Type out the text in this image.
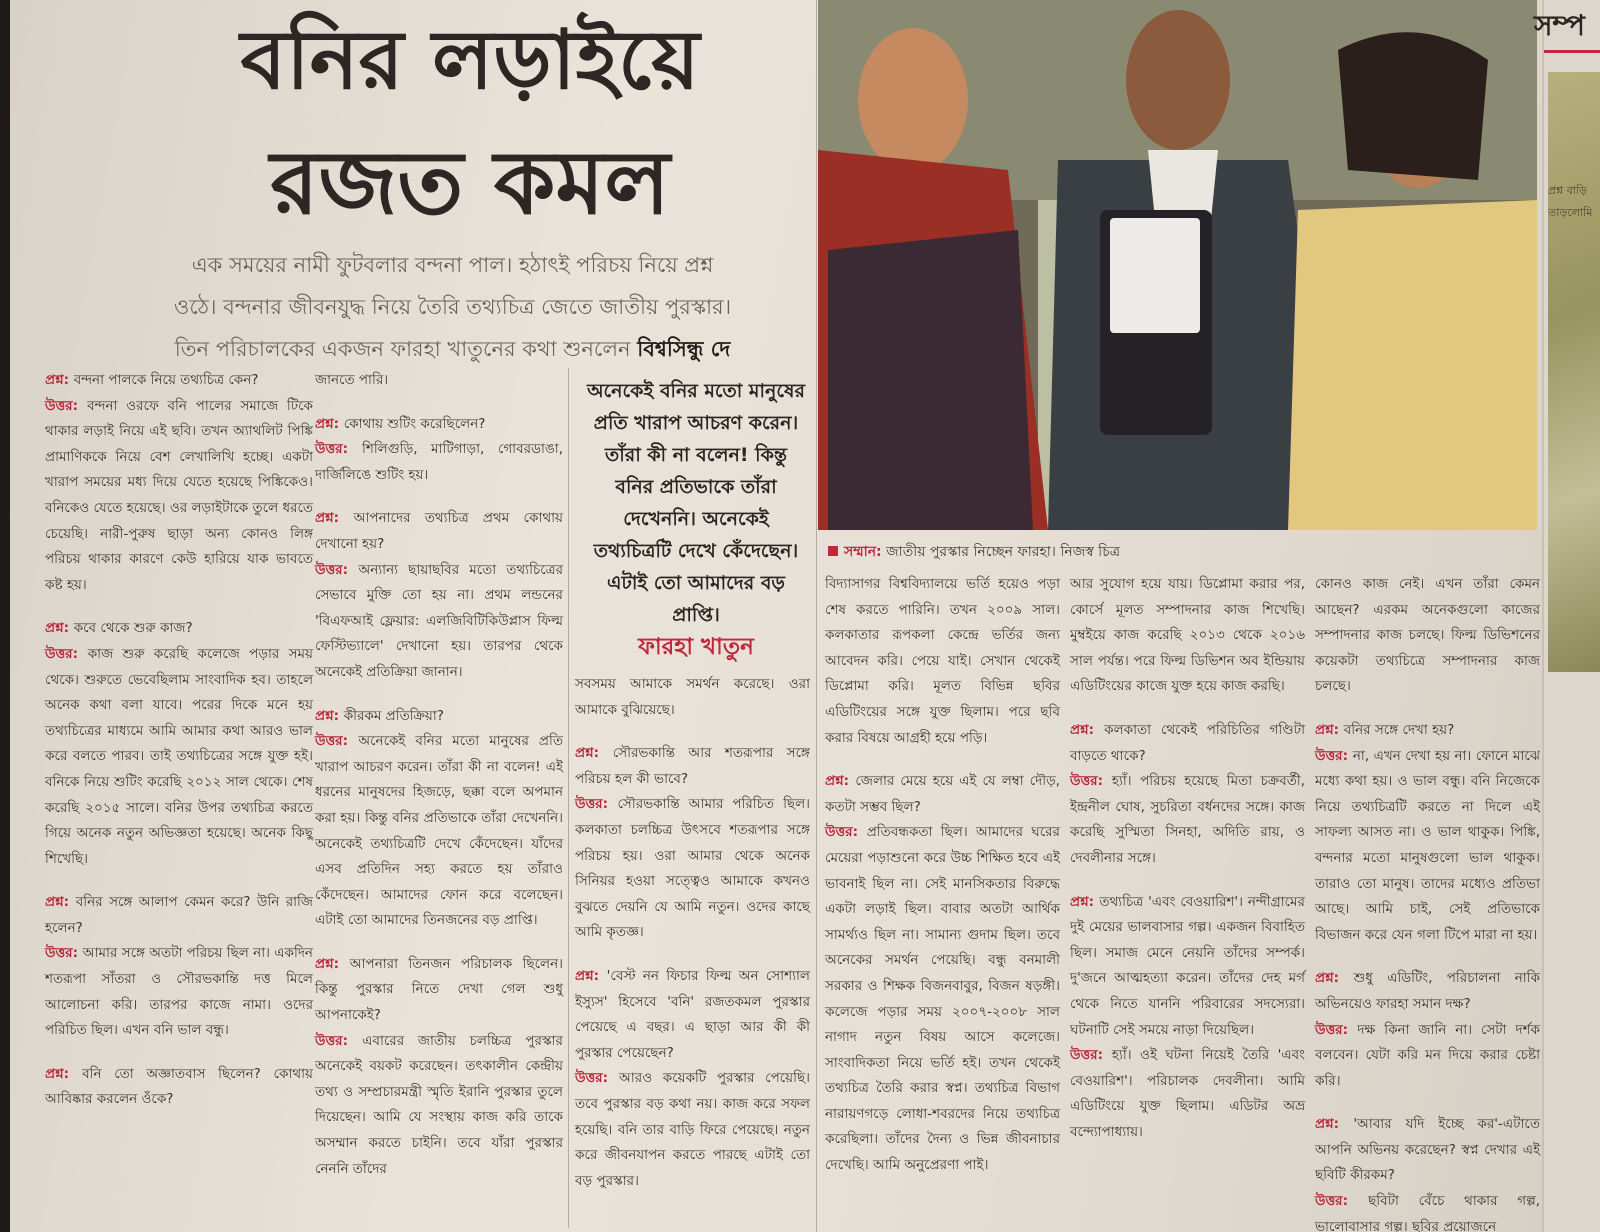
বনির লড়াইয়ে
রজত কমল
এক সময়ের নামী ফুটবলার বন্দনা পাল। হঠাৎই পরিচয় নিয়ে প্রশ্ন
ওঠে। বন্দনার জীবনযুদ্ধ নিয়ে তৈরি তথ্যচিত্র জেতে জাতীয় পুরস্কার।
তিন পরিচালকের একজন ফারহা খাতুনের কথা শুনলেন বিশ্বসিন্ধু দে

প্রশ্ন: বন্দনা পালকে নিয়ে তথ্যচিত্র কেন?
উত্তর: বন্দনা ওরফে বনি পালের সমাজে টিকে থাকার লড়াই নিয়ে এই ছবি। তখন অ্যাথলিট পিঙ্কি প্রামাণিককে নিয়ে বেশ লেখালিখি হচ্ছে। একটা খারাপ সময়ের মধ্য দিয়ে যেতে হয়েছে পিঙ্কিকেও। বনিকেও যেতে হয়েছে। ওর লড়াইটাকে তুলে ধরতে চেয়েছি। নারী-পুরুষ ছাড়া অন্য কোনও লিঙ্গ পরিচয় থাকার কারণে কেউ হারিয়ে যাক ভাবতে কষ্ট হয়।

প্রশ্ন: কবে থেকে শুরু কাজ?
উত্তর: কাজ শুরু করেছি কলেজে পড়ার সময় থেকে। শুরুতে ভেবেছিলাম সাংবাদিক হব। তাহলে অনেক কথা বলা যাবে। পরের দিকে মনে হয় তথ্যচিত্রের মাধ্যমে আমি আমার কথা আরও ভাল করে বলতে পারব। তাই তথ্যচিত্রের সঙ্গে যুক্ত হই। বনিকে নিয়ে শুটিং করেছি ২০১২ সাল থেকে। শেষ করেছি ২০১৫ সালে। বনির উপর তথ্যচিত্র করতে গিয়ে অনেক নতুন অভিজ্ঞতা হয়েছে। অনেক কিছু শিখেছি।

প্রশ্ন: বনির সঙ্গে আলাপ কেমন করে? উনি রাজি হলেন?
উত্তর: আমার সঙ্গে অতটা পরিচয় ছিল না। একদিন শতরূপা সাঁতরা ও সৌরভকান্তি দত্ত মিলে আলোচনা করি। তারপর কাজে নামা। ওদের পরিচিত ছিল। এখন বনি ভাল বন্ধু।

প্রশ্ন: বনি তো অজ্ঞাতবাস ছিলেন? কোথায় আবিষ্কার করলেন ওঁকে?

জানতে পারি।

প্রশ্ন: কোথায় শুটিং করেছিলেন?
উত্তর: শিলিগুড়ি, মাটিগাড়া, গোবরডাঙা, দার্জিলিঙে শুটিং হয়।

প্রশ্ন: আপনাদের তথ্যচিত্র প্রথম কোথায় দেখানো হয়?
উত্তর: অন্যান্য ছায়াছবির মতো তথ্যচিত্রের সেভাবে মুক্তি তো হয় না। প্রথম লন্ডনের 'বিএফআই ফ্লেয়ার: এলজিবিটিকিউপ্লাস ফিল্ম ফেস্টিভ্যালে' দেখানো হয়। তারপর থেকে অনেকেই প্রতিক্রিয়া জানান।

প্রশ্ন: কীরকম প্রতিক্রিয়া?
উত্তর: অনেকেই বনির মতো মানুষের প্রতি খারাপ আচরণ করেন। তাঁরা কী না বলেন! এই ধরনের মানুষদের হিজড়ে, ছক্কা বলে অপমান করা হয়। কিন্তু বনির প্রতিভাকে তাঁরা দেখেননি। অনেকেই তথ্যচিত্রটি দেখে কেঁদেছেন। যাঁদের এসব প্রতিদিন সহ্য করতে হয় তাঁরাও কেঁদেছেন। আমাদের ফোন করে বলেছেন। এটাই তো আমাদের তিনজনের বড় প্রাপ্তি।

প্রশ্ন: আপনারা তিনজন পরিচালক ছিলেন। কিন্তু পুরস্কার নিতে দেখা গেল শুধু আপনাকেই?
উত্তর: এবারের জাতীয় চলচ্চিত্র পুরস্কার অনেকেই বয়কট করেছেন। তৎকালীন কেন্দ্রীয় তথ্য ও সম্প্রচারমন্ত্রী স্মৃতি ইরানি পুরস্কার তুলে দিয়েছেন। আমি যে সংস্থায় কাজ করি তাকে অসম্মান করতে চাইনি। তবে যাঁরা পুরস্কার নেননি তাঁদের

অনেকেই বনির মতো মানুষের প্রতি খারাপ আচরণ করেন। তাঁরা কী না বলেন! কিন্তু বনির প্রতিভাকে তাঁরা দেখেননি। অনেকেই তথ্যচিত্রটি দেখে কেঁদেছেন। এটাই তো আমাদের বড় প্রাপ্তি।
ফারহা খাতুন

সবসময় আমাকে সমর্থন করেছে। ওরা আমাকে বুঝিয়েছে।

প্রশ্ন: সৌরভকান্তি আর শতরূপার সঙ্গে পরিচয় হল কী ভাবে?
উত্তর: সৌরভকান্তি আমার পরিচিত ছিল। কলকাতা চলচ্চিত্র উৎসবে শতরূপার সঙ্গে পরিচয় হয়। ওরা আমার থেকে অনেক সিনিয়র হওয়া সত্ত্বেও আমাকে কখনও বুঝতে দেয়নি যে আমি নতুন। ওদের কাছে আমি কৃতজ্ঞ।

প্রশ্ন: 'বেস্ট নন ফিচার ফিল্ম অন সোশ্যাল ইস্যুস' হিসেবে 'বনি' রজতকমল পুরস্কার পেয়েছে এ বছর। এ ছাড়া আর কী কী পুরস্কার পেয়েছেন?
উত্তর: আরও কয়েকটি পুরস্কার পেয়েছি। তবে পুরস্কার বড় কথা নয়। কাজ করে সফল হয়েছি। বনি তার বাড়ি ফিরে পেয়েছে। নতুন করে জীবনযাপন করতে পারছে এটাই তো বড় পুরস্কার।

সম্মান: জাতীয় পুরস্কার নিচ্ছেন ফারহা। নিজস্ব চিত্র

বিদ্যাসাগর বিশ্ববিদ্যালয়ে ভর্তি হয়েও পড়া শেষ করতে পারিনি। তখন ২০০৯ সাল। কলকাতার রূপকলা কেন্দ্রে ভর্তির জন্য আবেদন করি। পেয়ে যাই। সেখান থেকেই ডিপ্লোমা করি। মূলত বিভিন্ন ছবির এডিটিংয়ের সঙ্গে যুক্ত ছিলাম। পরে ছবি করার বিষয়ে আগ্রহী হয়ে পড়ি।

প্রশ্ন: জেলার মেয়ে হয়ে এই যে লম্বা দৌড়, কতটা সম্ভব ছিল?
উত্তর: প্রতিবন্ধকতা ছিল। আমাদের ঘরের মেয়েরা পড়াশুনো করে উচ্চ শিক্ষিত হবে এই ভাবনাই ছিল না। সেই মানসিকতার বিরুদ্ধে একটা লড়াই ছিল। বাবার অতটা আর্থিক সামর্থ্যও ছিল না। সামান্য গুদাম ছিল। তবে অনেকের সমর্থন পেয়েছি। বন্ধু বনমালী সরকার ও শিক্ষক বিজনবাবুর, বিজন ষড়ঙ্গী। কলেজে পড়ার সময় ২০০৭-২০০৮ সাল নাগাদ নতুন বিষয় আসে কলেজে। সাংবাদিকতা নিয়ে ভর্তি হই। তখন থেকেই তথ্যচিত্র তৈরি করার স্বপ্ন। তথ্যচিত্র বিভাগ নারায়ণগড়ে লোধা-শবরদের নিয়ে তথ্যচিত্র করেছিলা। তাঁদের দৈন্য ও ভিন্ন জীবনাচার দেখেছি। আমি অনুপ্রেরণা পাই।

আর সুযোগ হয়ে যায়। ডিপ্লোমা করার পর, কোর্সে মূলত সম্পাদনার কাজ শিখেছি। মুম্বইয়ে কাজ করেছি ২০১৩ থেকে ২০১৬ সাল পর্যন্ত। পরে ফিল্ম ডিভিশন অব ইন্ডিয়ায় এডিটিংয়ের কাজে যুক্ত হয়ে কাজ করছি।

প্রশ্ন: কলকাতা থেকেই পরিচিতির গণ্ডিটা বাড়তে থাকে?
উত্তর: হ্যাঁ। পরিচয় হয়েছে মিতা চক্রবর্তী, ইন্দ্রনীল ঘোষ, সুচরিতা বর্ধনদের সঙ্গে। কাজ করেছি সুস্মিতা সিনহা, অদিতি রায়, ও দেবলীনার সঙ্গে।

প্রশ্ন: তথ্যচিত্র 'এবং বেওয়ারিশ'। নন্দীগ্রামের দুই মেয়ের ভালবাসার গল্প। একজন বিবাহিত ছিল। সমাজ মেনে নেয়নি তাঁদের সম্পর্ক। দু'জনে আত্মহত্যা করেন। তাঁদের দেহ মর্গ থেকে নিতে যাননি পরিবারের সদস্যেরা। ঘটনাটি সেই সময়ে নাড়া দিয়েছিল।
উত্তর: হ্যাঁ। ওই ঘটনা নিয়েই তৈরি 'এবং বেওয়ারিশ'। পরিচালক দেবলীনা। আমি এডিটিংয়ে যুক্ত ছিলাম। এডিটর অভ্র বন্দ্যোপাধ্যায়।

কোনও কাজ নেই। এখন তাঁরা কেমন আছেন? এরকম অনেকগুলো কাজের সম্পাদনার কাজ চলছে। ফিল্ম ডিভিশনের কয়েকটা তথ্যচিত্রে সম্পাদনার কাজ চলছে।

প্রশ্ন: বনির সঙ্গে দেখা হয়?
উত্তর: না, এখন দেখা হয় না। ফোনে মাঝে মধ্যে কথা হয়। ও ভাল বন্ধু। বনি নিজেকে নিয়ে তথ্যচিত্রটি করতে না দিলে এই সাফল্য আসত না। ও ভাল থাকুক। পিঙ্কি, বন্দনার মতো মানুষগুলো ভাল থাকুক। তারাও তো মানুষ। তাদের মধ্যেও প্রতিভা আছে। আমি চাই, সেই প্রতিভাকে বিভাজন করে যেন গলা টিপে মারা না হয়।

প্রশ্ন: শুধু এডিটিং, পরিচালনা নাকি অভিনয়েও ফারহা সমান দক্ষ?
উত্তর: দক্ষ কিনা জানি না। সেটা দর্শক বলবেন। যেটা করি মন দিয়ে করার চেষ্টা করি।

প্রশ্ন: 'আবার যদি ইচ্ছে কর'-এটাতে আপনি অভিনয় করেছেন? স্বপ্ন দেখার এই ছবিটি কীরকম?
উত্তর: ছবিটা বেঁচে থাকার গল্প, ভালোবাসার গল্প। ছবির প্রয়োজনে

সম্প
প্রশ্ন বাড়ি তাড়লোমি
